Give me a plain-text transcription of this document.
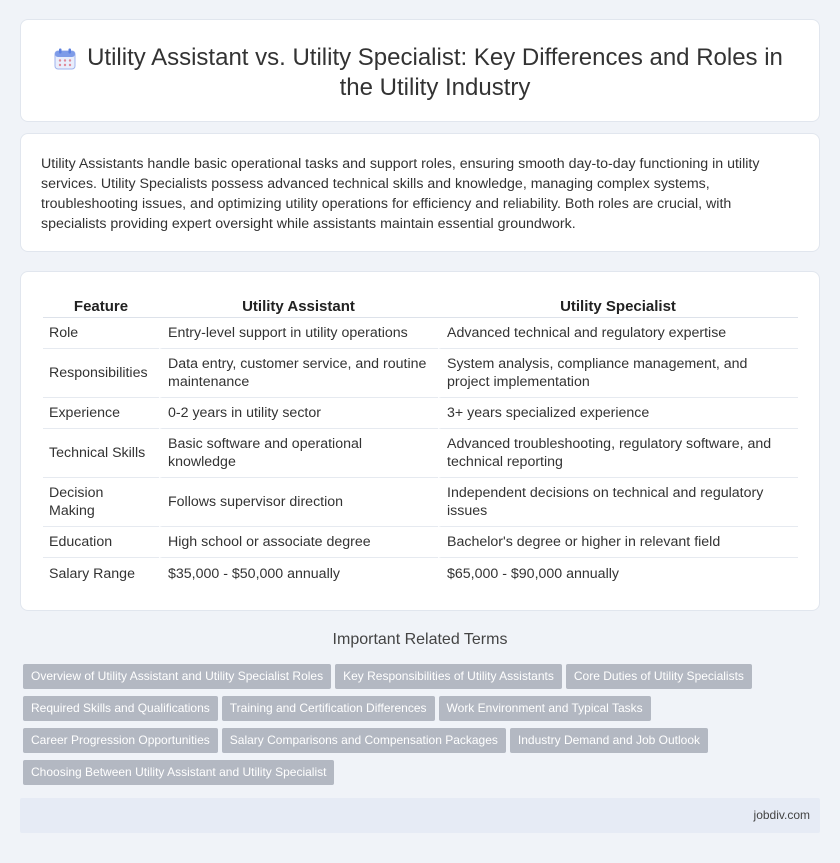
Utility Assistant vs. Utility Specialist: Key Differences and Roles in the Utility Industry

Utility Assistants handle basic operational tasks and support roles, ensuring smooth day-to-day functioning in utility services. Utility Specialists possess advanced technical skills and knowledge, managing complex systems, troubleshooting issues, and optimizing utility operations for efficiency and reliability. Both roles are crucial, with specialists providing expert oversight while assistants maintain essential groundwork.

Feature	Utility Assistant	Utility Specialist
Role	Entry-level support in utility operations	Advanced technical and regulatory expertise
Responsibilities	Data entry, customer service, and routine maintenance	System analysis, compliance management, and project implementation
Experience	0-2 years in utility sector	3+ years specialized experience
Technical Skills	Basic software and operational knowledge	Advanced troubleshooting, regulatory software, and technical reporting
Decision Making	Follows supervisor direction	Independent decisions on technical and regulatory issues
Education	High school or associate degree	Bachelor's degree or higher in relevant field
Salary Range	$35,000 - $50,000 annually	$65,000 - $90,000 annually
Important Related Terms
Overview of Utility Assistant and Utility Specialist Roles Key Responsibilities of Utility Assistants Core Duties of Utility Specialists
Required Skills and Qualifications Training and Certification Differences Work Environment and Typical Tasks
Career Progression Opportunities Salary Comparisons and Compensation Packages Industry Demand and Job Outlook
Choosing Between Utility Assistant and Utility Specialist
jobdiv.com
